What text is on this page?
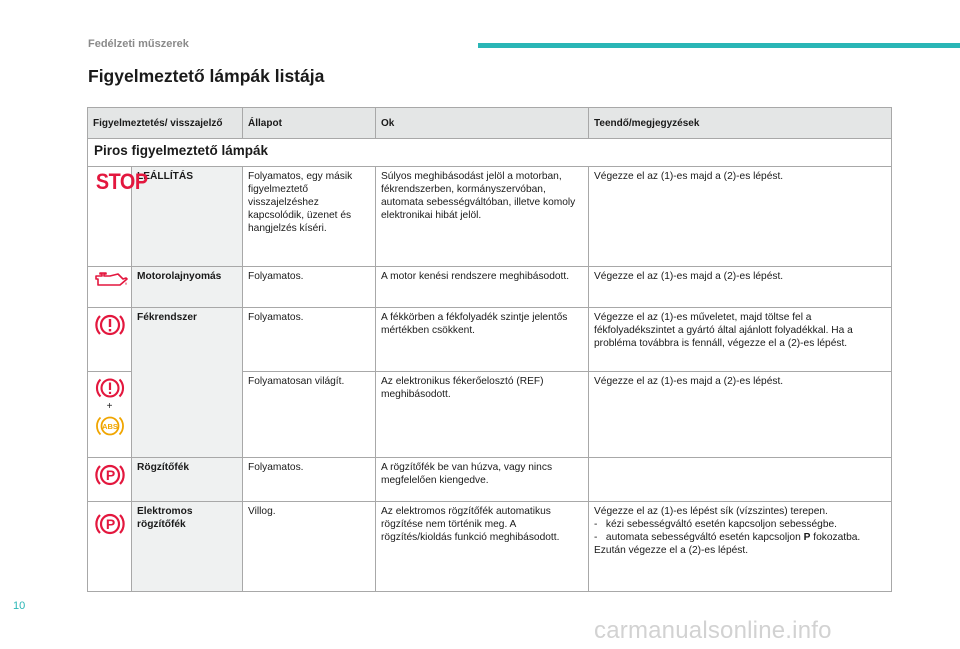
Fedélzeti műszerek
Figyelmeztető lámpák listája
Figyelmeztetés/ visszajelző		Állapot	Ok	Teendő/megjegyzések
Piros figyelmeztető lámpák				
STOP	LEÁLLÍTÁS	Folyamatos, egy másik figyelmeztető visszajelzéshez kapcsolódik, üzenet és hangjelzés kíséri.	Súlyos meghibásodást jelöl a motorban, fékrendszerben, kormányszervóban, automata sebességváltóban, illetve komoly elektronikai hibát jelöl.	Végezze el az (1)-es majd a (2)-es lépést.

	Motorolajnyomás	Folyamatos.	A motor kenési rendszere meghibásodott.	Végezze el az (1)-es majd a (2)-es lépést.

	Fékrendszer	Folyamatos.	A fékkörben a fékfolyadék szintje jelentős mértékben csökkent.	Végezze el az (1)-es műveletet, majd töltse fel a fékfolyadékszintet a gyártó által ajánlott folyadékkal. Ha a probléma továbbra is fennáll, végezze el a (2)-es lépést.

+
ABS		Folyamatosan világít.	Az elektronikus fékerőelosztó (REF) meghibásodott.	Végezze el az (1)-es majd a (2)-es lépést.

P	Rögzítőfék	Folyamatos.	A rögzítőfék be van húzva, vagy nincs megfelelően kiengedve.	

P	Elektromos rögzítőfék	Villog.	Az elektromos rögzítőfék automatikus rögzítése nem történik meg. A rögzítés/kioldás funkció meghibásodott.	Végezze el az (1)-es lépést sík (vízszintes) terepen.
- kézi sebességváltó esetén kapcsoljon sebességbe.
- automata sebességváltó esetén kapcsoljon P fokozatba.
Ezután végezze el a (2)-es lépést.
10
carmanualsonline.info
